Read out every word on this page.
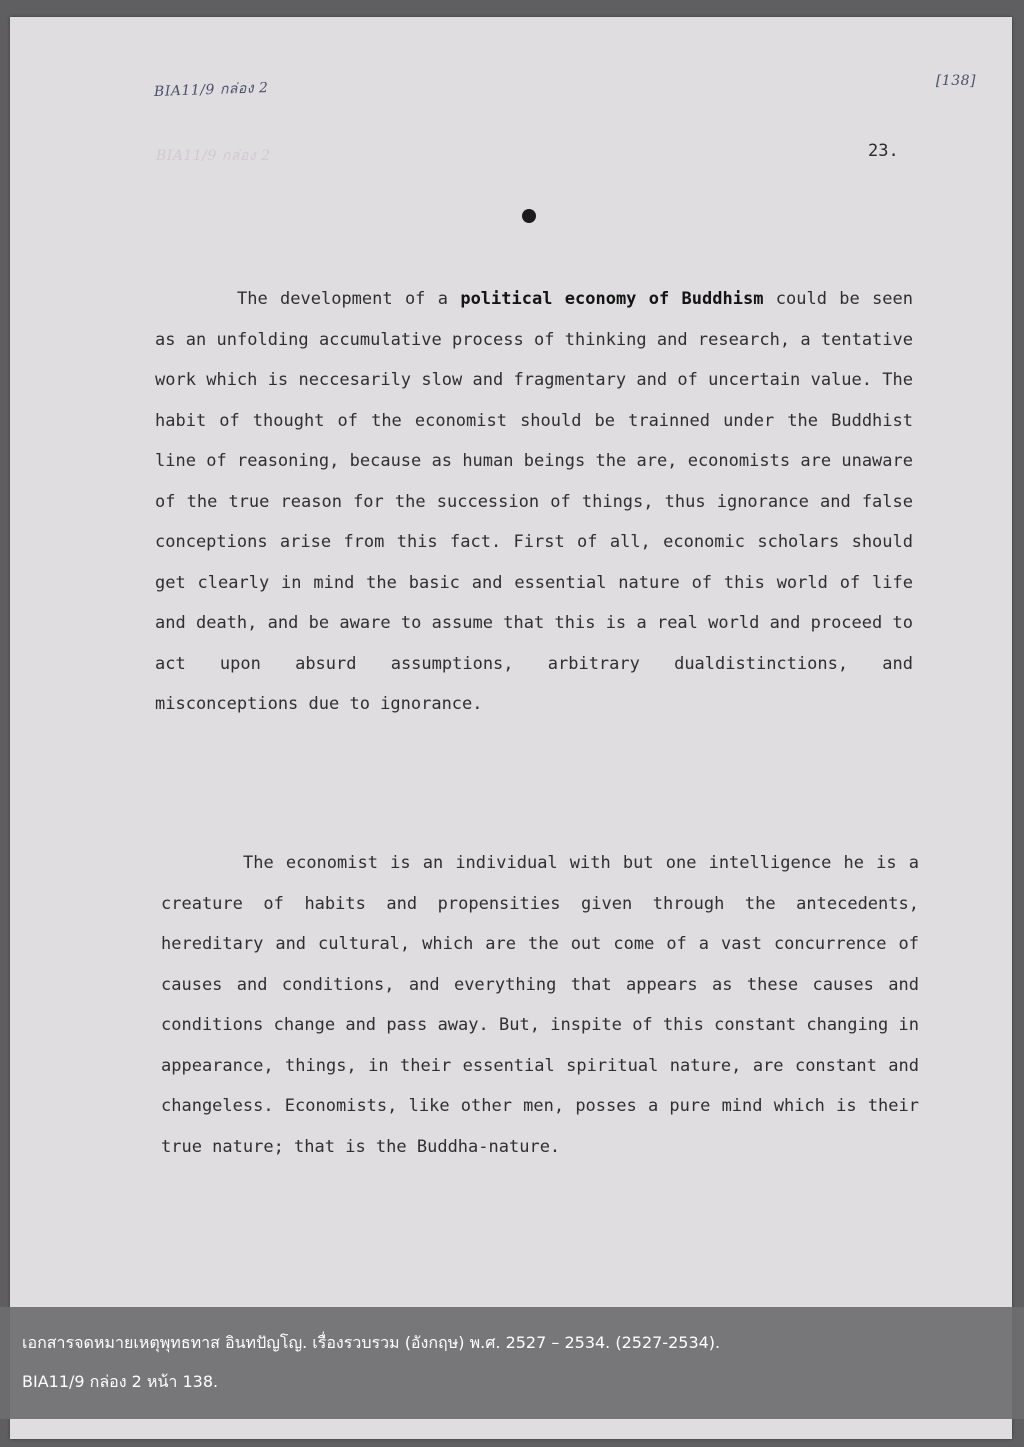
BIA11/9 กล่อง 2
BIA11/9 กล่อง 2
[138]
23.

The development of a political economy of Buddhism could be seen as an unfolding accumulative process of thinking and research, a tentative work which is neccesarily slow and fragmentary and of uncertain value. The habit of thought of the economist should be trainned under the Buddhist line of reasoning, because as human beings the are, economists are unaware of the true reason for the succession of things, thus ignorance and false conceptions arise from this fact. First of all, economic scholars should get clearly in mind the basic and essential nature of this world of life and death, and be aware to assume that this is a real world and proceed to act upon absurd assumptions, arbitrary dualdistinctions, and misconceptions due to ignorance.

The economist is an individual with but one intelligence he is a creature of habits and propensities given through the antecedents, hereditary and cultural, which are the out come of a vast concurrence of causes and conditions, and everything that appears as these causes and conditions change and pass away. But, inspite of this constant changing in appearance, things, in their essential spiritual nature, are constant and changeless. Economists, like other men, posses a pure mind which is their true nature; that is the Buddha-nature.

เอกสารจดหมายเหตุพุทธทาส อินทปัญโญ. เรื่องรวบรวม (อังกฤษ) พ.ศ. 2527 – 2534. (2527-2534).
BIA11/9 กล่อง 2 หน้า 138.
